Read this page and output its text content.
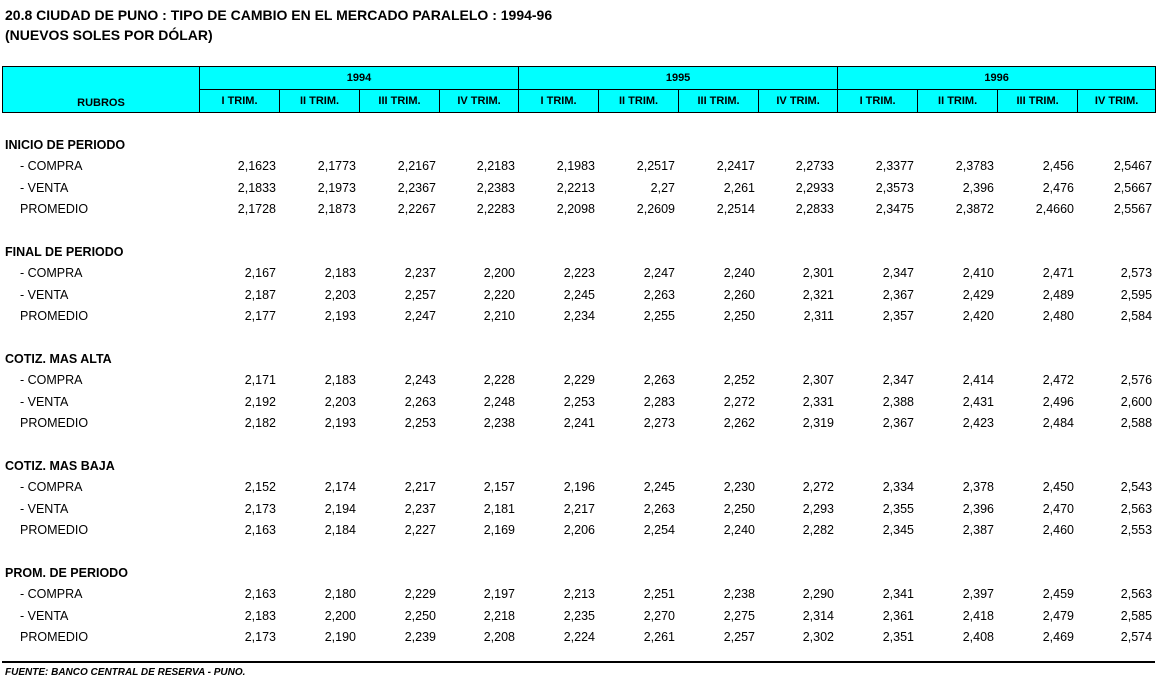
20.8 CIUDAD DE PUNO : TIPO DE CAMBIO EN EL MERCADO PARALELO : 1994-96
(NUEVOS SOLES POR DÓLAR)
RUBROS	1994				1995				1996			
	I TRIM.	II TRIM.	III TRIM.	IV TRIM.	I TRIM.	II TRIM.	III TRIM.	IV TRIM.	I TRIM.	II TRIM.	III TRIM.	IV TRIM.
INICIO DE PERIODO												
- COMPRA	2,1623	2,1773	2,2167	2,2183	2,1983	2,2517	2,2417	2,2733	2,3377	2,3783	2,456	2,5467
- VENTA	2,1833	2,1973	2,2367	2,2383	2,2213	2,27	2,261	2,2933	2,3573	2,396	2,476	2,5667
PROMEDIO	2,1728	2,1873	2,2267	2,2283	2,2098	2,2609	2,2514	2,2833	2,3475	2,3872	2,4660	2,5567

FINAL DE PERIODO												
- COMPRA	2,167	2,183	2,237	2,200	2,223	2,247	2,240	2,301	2,347	2,410	2,471	2,573
- VENTA	2,187	2,203	2,257	2,220	2,245	2,263	2,260	2,321	2,367	2,429	2,489	2,595
PROMEDIO	2,177	2,193	2,247	2,210	2,234	2,255	2,250	2,311	2,357	2,420	2,480	2,584

COTIZ. MAS ALTA												
- COMPRA	2,171	2,183	2,243	2,228	2,229	2,263	2,252	2,307	2,347	2,414	2,472	2,576
- VENTA	2,192	2,203	2,263	2,248	2,253	2,283	2,272	2,331	2,388	2,431	2,496	2,600
PROMEDIO	2,182	2,193	2,253	2,238	2,241	2,273	2,262	2,319	2,367	2,423	2,484	2,588

COTIZ. MAS BAJA												
- COMPRA	2,152	2,174	2,217	2,157	2,196	2,245	2,230	2,272	2,334	2,378	2,450	2,543
- VENTA	2,173	2,194	2,237	2,181	2,217	2,263	2,250	2,293	2,355	2,396	2,470	2,563
PROMEDIO	2,163	2,184	2,227	2,169	2,206	2,254	2,240	2,282	2,345	2,387	2,460	2,553

PROM. DE PERIODO												
- COMPRA	2,163	2,180	2,229	2,197	2,213	2,251	2,238	2,290	2,341	2,397	2,459	2,563
- VENTA	2,183	2,200	2,250	2,218	2,235	2,270	2,275	2,314	2,361	2,418	2,479	2,585
PROMEDIO	2,173	2,190	2,239	2,208	2,224	2,261	2,257	2,302	2,351	2,408	2,469	2,574
FUENTE: BANCO CENTRAL DE RESERVA - PUNO.
